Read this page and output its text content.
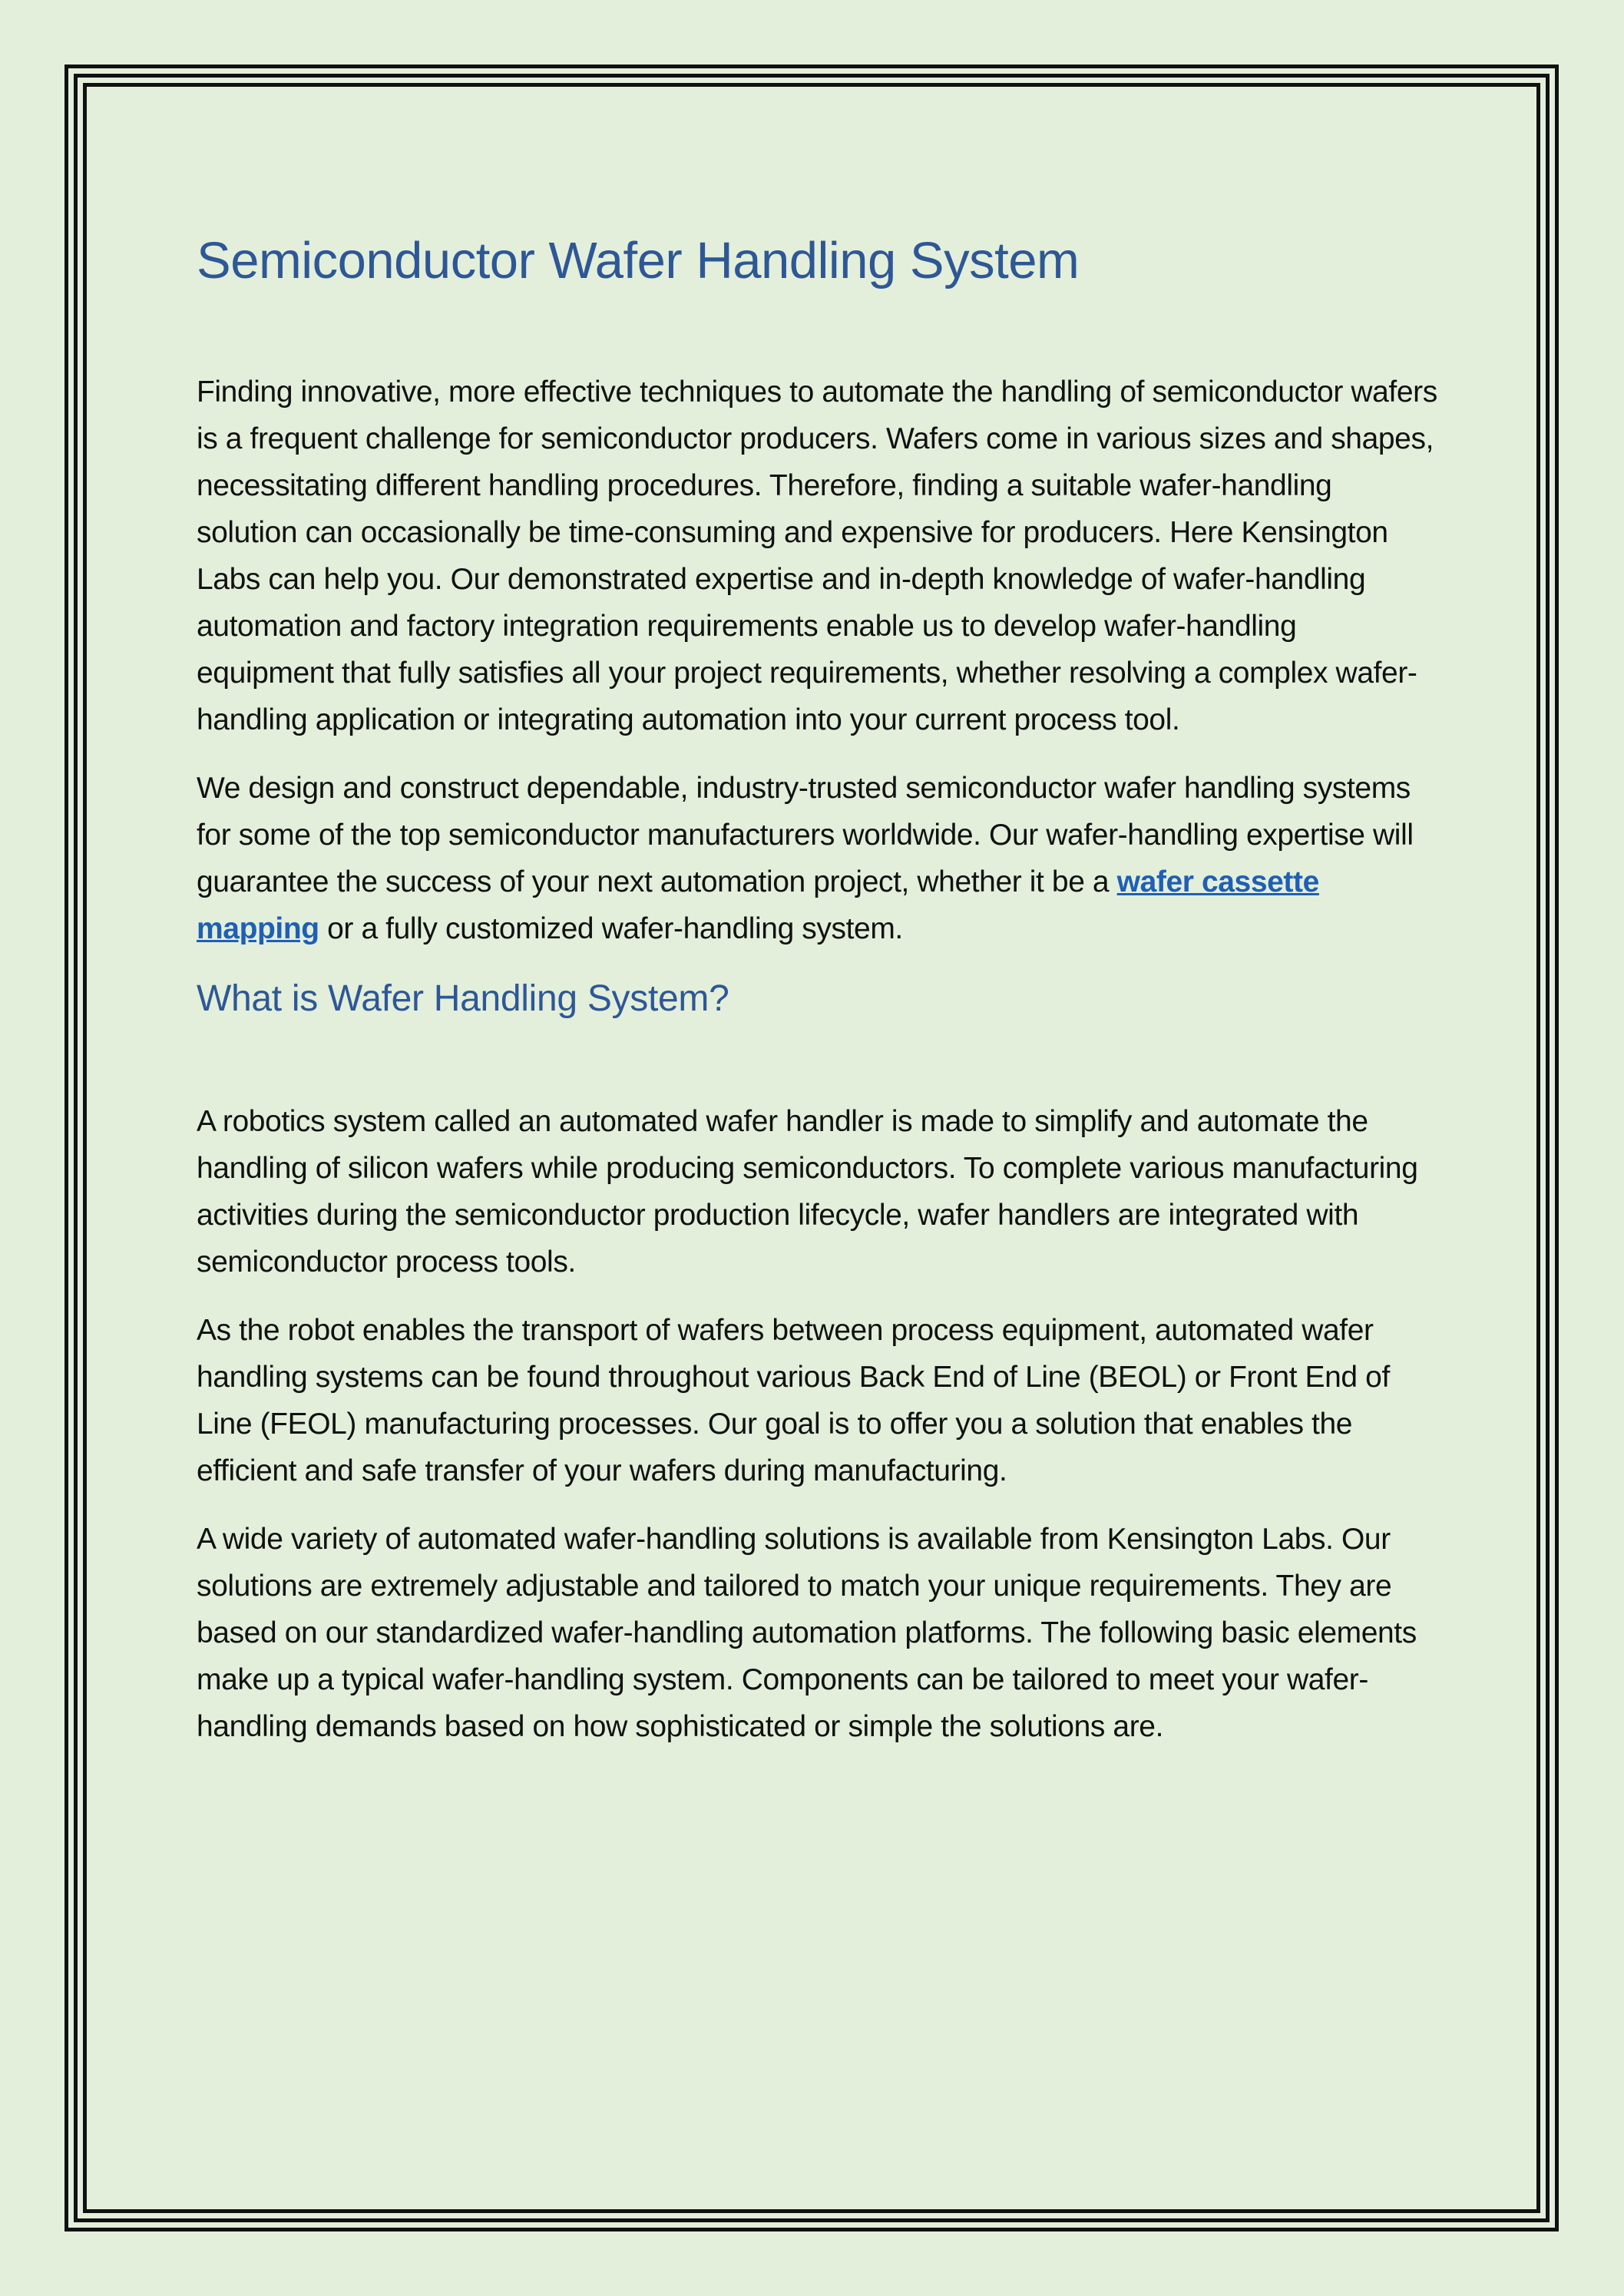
Semiconductor Wafer Handling System

Finding innovative, more effective techniques to automate the handling of semiconductor wafers is a frequent challenge for semiconductor producers. Wafers come in various sizes and shapes, necessitating different handling procedures. Therefore, finding a suitable wafer-handling solution can occasionally be time-consuming and expensive for producers. Here Kensington Labs can help you. Our demonstrated expertise and in-depth knowledge of wafer-handling automation and factory integration requirements enable us to develop wafer-handling equipment that fully satisfies all your project requirements, whether resolving a complex wafer-handling application or integrating automation into your current process tool.

We design and construct dependable, industry-trusted semiconductor wafer handling systems for some of the top semiconductor manufacturers worldwide. Our wafer-handling expertise will guarantee the success of your next automation project, whether it be a wafer cassette mapping or a fully customized wafer-handling system.

What is Wafer Handling System?

A robotics system called an automated wafer handler is made to simplify and automate the handling of silicon wafers while producing semiconductors. To complete various manufacturing activities during the semiconductor production lifecycle, wafer handlers are integrated with semiconductor process tools.

As the robot enables the transport of wafers between process equipment, automated wafer handling systems can be found throughout various Back End of Line (BEOL) or Front End of Line (FEOL) manufacturing processes. Our goal is to offer you a solution that enables the efficient and safe transfer of your wafers during manufacturing.

A wide variety of automated wafer-handling solutions is available from Kensington Labs. Our solutions are extremely adjustable and tailored to match your unique requirements. They are based on our standardized wafer-handling automation platforms. The following basic elements make up a typical wafer-handling system. Components can be tailored to meet your wafer-handling demands based on how sophisticated or simple the solutions are.
